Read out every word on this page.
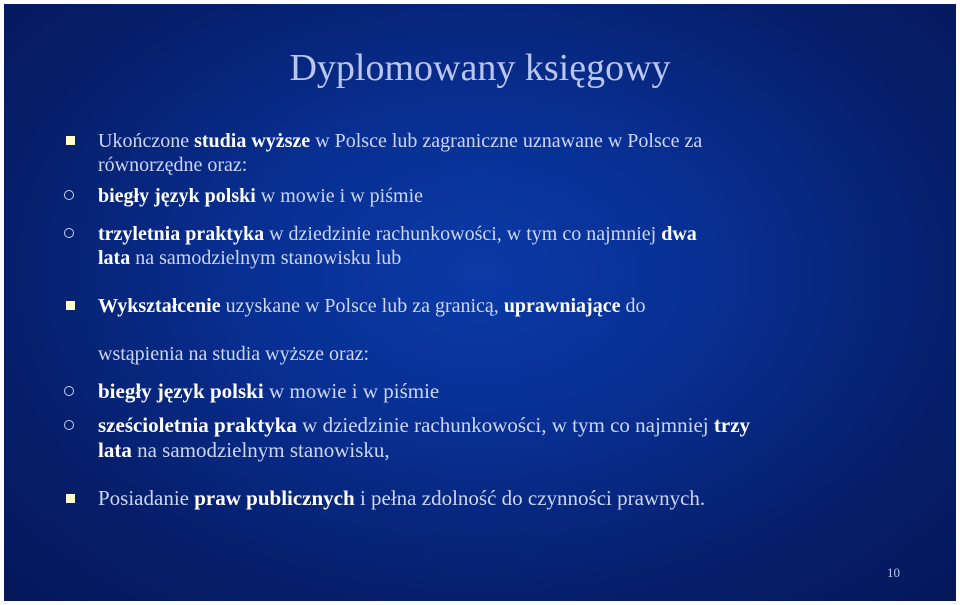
Dyplomowany księgowy
Ukończone studia wyższe w Polsce lub zagraniczne uznawane w Polsce za
równorzędne oraz:
biegły język polski w mowie i w piśmie
trzyletnia praktyka w dziedzinie rachunkowości, w tym co najmniej dwa
lata na samodzielnym stanowisku lub
Wykształcenie uzyskane w Polsce lub za granicą, uprawniające do
wstąpienia na studia wyższe oraz:
biegły język polski w mowie i w piśmie
sześcioletnia praktyka w dziedzinie rachunkowości, w tym co najmniej trzy
lata na samodzielnym stanowisku,
Posiadanie praw publicznych i pełna zdolność do czynności prawnych.
10
